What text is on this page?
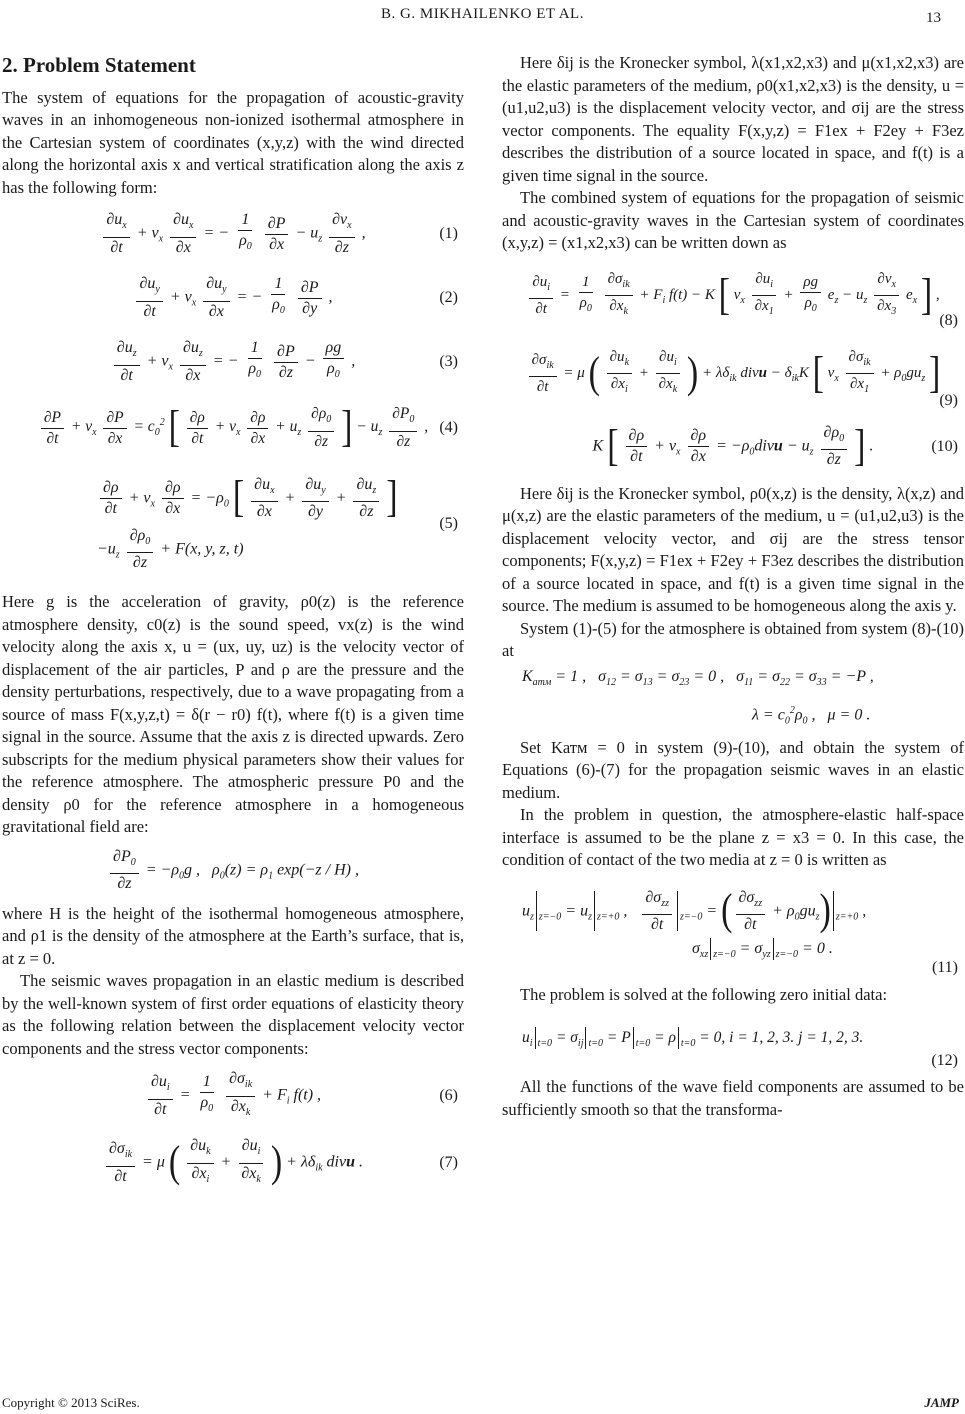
B. G. MIKHAILENKO ET AL.	13
2. Problem Statement

The system of equations for the propagation of acoustic-gravity waves in an inhomogeneous non-ionized isothermal atmosphere in the Cartesian system of coordinates (x,y,z) with the wind directed along the horizontal axis x and vertical stratification along the axis z has the following form:

$\frac{\partial u_x}{\partial t} + v_x \frac{\partial u_x}{\partial x}$ = − $\frac{1}{\rho_0}$
$\frac{\partial P}{\partial x} - u_z \frac{\partial v_x}{\partial z}$ ,	(1)
$\frac{\partial u_y}{\partial t} + v_x \frac{\partial u_y}{\partial x}$ = − $\frac{1}{\rho_0}$
$\frac{\partial P}{\partial y}$ ,	(2)
$\frac{\partial u_z}{\partial t} + v_x \frac{\partial u_z}{\partial x}$ = − $\frac{1}{\rho_0}$
$\frac{\partial P}{\partial z} - \frac{\rho g}{\rho_0}$ ,	(3)
$\frac{\partial P}{\partial t} + v_x \frac{\partial P}{\partial x} = c_0^2$ [ $\frac{\partial\rho}{\partial t} + v_x \frac{\partial\rho}{\partial x} + u_z \frac{\partial\rho_0}{\partial z}$ ] − $u_z \frac{\partial P_0}{\partial z}$ , (4)
$\frac{\partial\rho}{\partial t} + v_x \frac{\partial\rho}{\partial x} = -\rho_0$ [ $\frac{\partial u_x}{\partial x} + \frac{\partial u_y}{\partial y} + \frac{\partial u_z}{\partial z}$ ]
$-u_z \frac{\partial\rho_0}{\partial z} + F(x$, y, z, t)
(5)

Here g is the acceleration of gravity, ρ0(z) is the reference atmosphere density, c0(z) is the sound speed, vx(z) is the wind velocity along the axis x, u = (ux, uy, uz) is the velocity vector of displacement of the air particles, P and ρ are the pressure and the density perturbations, respectively, due to a wave propagating from a source of mass F(x,y,z,t) = δ(r − r0) f(t), where f(t) is a given time signal in the source. Assume that the axis z is directed upwards. Zero subscripts for the medium physical parameters show their values for the reference atmosphere. The atmospheric pressure P0 and the density ρ0 for the reference atmosphere in a homogeneous gravitational field are:

$\frac{\partial P_0}{\partial z} = -\rho_0g$ ,   $\rho_0(z) = \rho_1$ exp(−z / H) ,

where H is the height of the isothermal homogeneous atmosphere, and ρ1 is the density of the atmosphere at the Earth’s surface, that is, at z = 0.

The seismic waves propagation in an elastic medium is described by the well-known system of first order equations of elasticity theory as the following relation between the displacement velocity vector components and the stress vector components:

$\frac{\partial u_i}{\partial t} = \frac{1}{\rho_0}$
$\frac{\partial\sigma_{ik}}{\partial x_k} + F_i$ f(t) ,	(6)
$\frac{\partial\sigma_{ik}}{\partial t} = \mu$ ( $\frac{\partial u_k}{\partial x_i} + \frac{\partial u_i}{\partial x_k}$ ) + $\lambda\delta_{ik}$ divu .	(7)

Here δij is the Kronecker symbol, λ(x1,x2,x3) and μ(x1,x2,x3) are the elastic parameters of the medium, ρ0(x1,x2,x3) is the density, u = (u1,u2,u3) is the displacement velocity vector, and σij are the stress vector components. The equality F(x,y,z) = F1ex + F2ey + F3ez describes the distribution of a source located in space, and f(t) is a given time signal in the source.

The combined system of equations for the propagation of seismic and acoustic-gravity waves in the Cartesian system of coordinates (x,y,z) = (x1,x2,x3) can be written down as

$\frac{\partial u_i}{\partial t} = \frac{1}{\rho_0}$
$\frac{\partial\sigma_{ik}}{\partial x_k} + F_i$ f(t) − K [ $v_x \frac{\partial u_i}{\partial x_1} + \frac{\rho g}{\rho_0} e_z - u_z \frac{\partial v_x}{\partial x_3} e_x$ ] ,
(8)
$\frac{\partial\sigma_{ik}}{\partial t} = \mu$ ( $\frac{\partial u_k}{\partial x_i} + \frac{\partial u_i}{\partial x_k}$ ) + $\lambda\delta_{ik}$ divu − $\delta_{ik}K$ [ $v_x \frac{\partial\sigma_{ik}}{\partial x_1} + \rho_0gu_z$ ]
(9)
K [ $\frac{\partial\rho}{\partial t} + v_x \frac{\partial\rho}{\partial x}$ = $-\rho_0divu - u_z \frac{\partial\rho_0}{\partial z}$ ] .	(10)

Here δij is the Kronecker symbol, ρ0(x,z) is the density, λ(x,z) and μ(x,z) are the elastic parameters of the medium, u = (u1,u2,u3) is the displacement velocity vector, and σij are the stress tensor components; F(x,y,z) = F1ex + F2ey + F3ez describes the distribution of a source located in space, and f(t) is a given time signal in the source. The medium is assumed to be homogeneous along the axis y.

System (1)-(5) for the atmosphere is obtained from system (8)-(10) at

$K_{атм} = 1$ ,   $\sigma_{12} = \sigma_{13} = \sigma_{23} = 0$ ,   $\sigma_{11} = \sigma_{22} = \sigma_{33} = -P$ ,
$\lambda = c_0^2\rho_0$ ,   μ = 0 .

Set Kатм = 0 in system (9)-(10), and obtain the system of Equations (6)-(7) for the propagation seismic waves in an elastic medium.

In the problem in question, the atmosphere-elastic half-space interface is assumed to be the plane z = x3 = 0. In this case, the condition of contact of the two media at z = 0 is written as

$u_z$ $_{z=-0} = u_z$ $_{z=+0}$ , $\frac{\partial\sigma_{zz}}{\partial t} _{z=-0}$ = ( $\frac{\partial\sigma_{zz}}{\partial t} + \rho_0gu_z$) $_{z=+0}$ ,
$\sigma_{xz}$ $_{z=-0} = \sigma_{yz}$ $_{z=-0}$ = 0 .
(11)

The problem is solved at the following zero initial data:

$u_i$ $_{t=0} = \sigma_{ij}$ $_{t=0}$ = P $_{t=0}$ = ρ $_{t=0}$ = 0, i = 1, 2, 3. j = 1, 2, 3.
(12)

All the functions of the wave field components are assumed to be sufficiently smooth so that the transforma-

Copyright © 2013 SciRes.	JAMP
